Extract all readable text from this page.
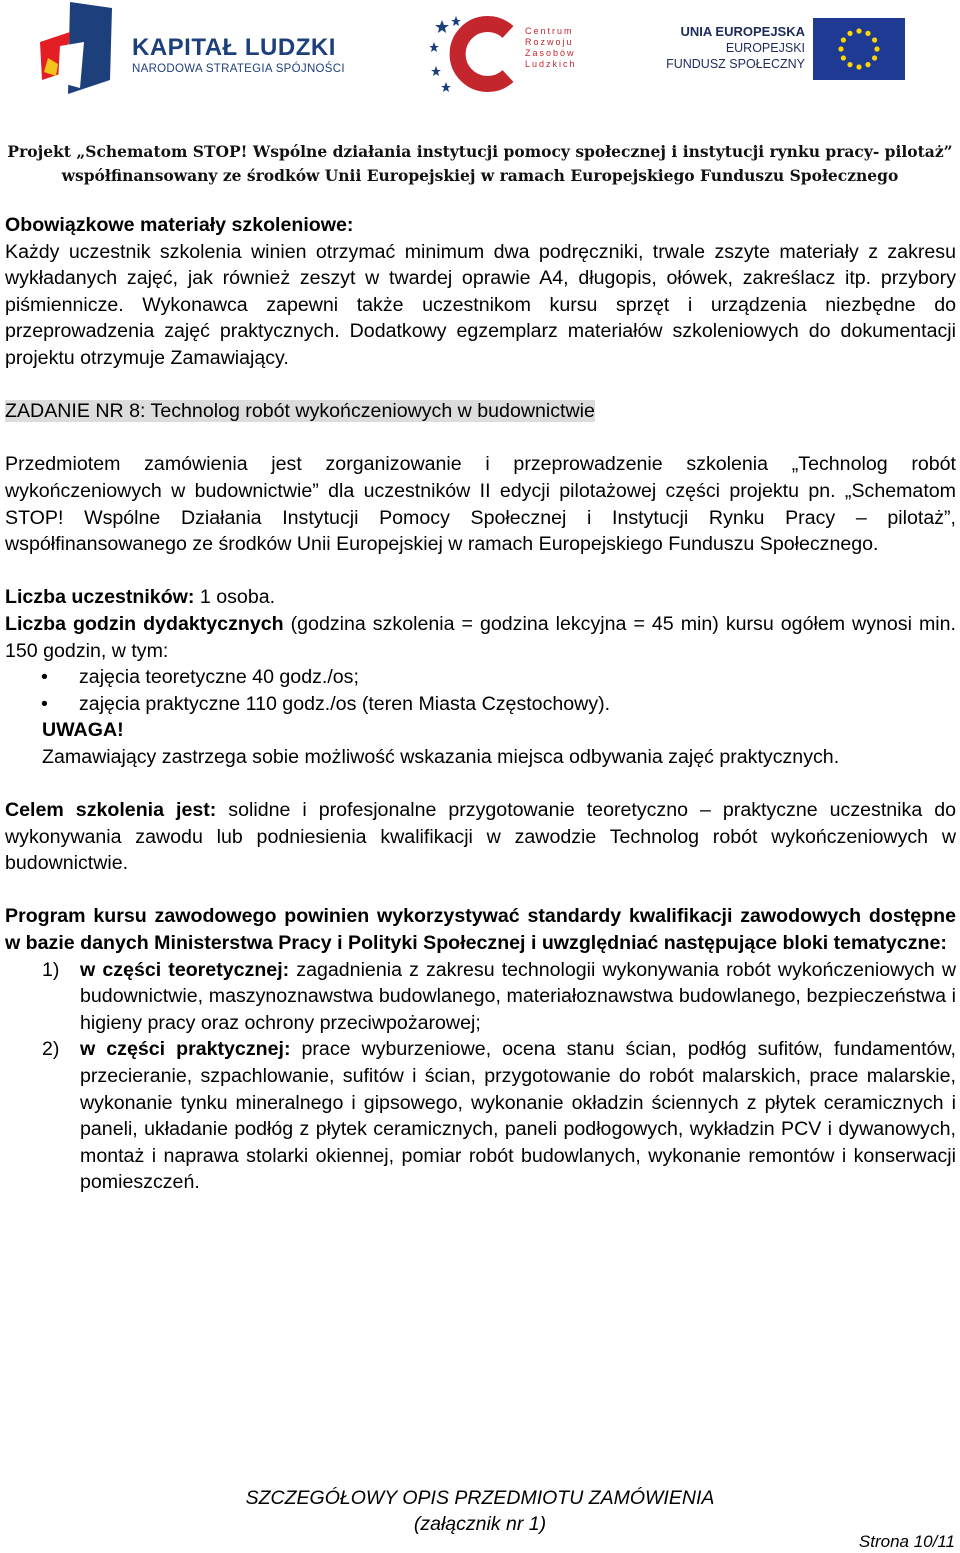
KAPITAŁ LUDZKI
NARODOWA STRATEGIA SPÓJNOŚCI
Centrum
Rozwoju
Zasobów
Ludzkich
UNIA EUROPEJSKA
EUROPEJSKI
FUNDUSZ SPOŁECZNY
Projekt „Schematom STOP! Wspólne działania instytucji pomocy społecznej i instytucji rynku pracy- pilotaż”
współfinansowany ze środków Unii Europejskiej w ramach Europejskiego Funduszu Społecznego

Obowiązkowe materiały szkoleniowe:

Każdy uczestnik szkolenia winien otrzymać minimum dwa podręczniki, trwale zszyte materiały z zakresu wykładanych zajęć, jak również zeszyt w twardej oprawie A4, długopis, ołówek, zakreślacz itp. przybory piśmiennicze. Wykonawca zapewni także uczestnikom kursu sprzęt i urządzenia niezbędne do przeprowadzenia zajęć praktycznych. Dodatkowy egzemplarz materiałów szkoleniowych do dokumentacji projektu otrzymuje Zamawiający.

ZADANIE NR 8: Technolog robót wykończeniowych w budownictwie

Przedmiotem zamówienia jest zorganizowanie i przeprowadzenie szkolenia „Technolog robót wykończeniowych w budownictwie” dla uczestników II edycji pilotażowej części projektu pn. „Schematom STOP! Wspólne Działania Instytucji Pomocy Społecznej i Instytucji Rynku Pracy – pilotaż”, współfinansowanego ze środków Unii Europejskiej w ramach Europejskiego Funduszu Społecznego.

Liczba uczestników: 1 osoba.

Liczba godzin dydaktycznych (godzina szkolenia = godzina lekcyjna = 45 min) kursu ogółem wynosi min. 150 godzin, w tym:

• zajęcia teoretyczne 40 godz./os;
• zajęcia praktyczne 110 godz./os (teren Miasta Częstochowy).

UWAGA!

Zamawiający zastrzega sobie możliwość wskazania miejsca odbywania zajęć praktycznych.

Celem szkolenia jest: solidne i profesjonalne przygotowanie teoretyczno – praktyczne uczestnika do wykonywania zawodu lub podniesienia kwalifikacji w zawodzie Technolog robót wykończeniowych w budownictwie.

Program kursu zawodowego powinien wykorzystywać standardy kwalifikacji zawodowych dostępne w bazie danych Ministerstwa Pracy i Polityki Społecznej i uwzględniać następujące bloki tematyczne:

1) w części teoretycznej: zagadnienia z zakresu technologii wykonywania robót wykończeniowych w budownictwie, maszynoznawstwa budowlanego, materiałoznawstwa budowlanego, bezpieczeństwa i higieny pracy oraz ochrony przeciwpożarowej;
2) w części praktycznej: prace wyburzeniowe, ocena stanu ścian, podłóg sufitów, fundamentów, przecieranie, szpachlowanie, sufitów i ścian, przygotowanie do robót malarskich, prace malarskie, wykonanie tynku mineralnego i gipsowego, wykonanie okładzin ściennych z płytek ceramicznych i paneli, układanie podłóg z płytek ceramicznych, paneli podłogowych, wykładzin PCV i dywanowych, montaż i naprawa stolarki okiennej, pomiar robót budowlanych, wykonanie remontów i konserwacji pomieszczeń.
SZCZEGÓŁOWY OPIS PRZEDMIOTU ZAMÓWIENIA
(załącznik nr 1)
Strona 10/11
